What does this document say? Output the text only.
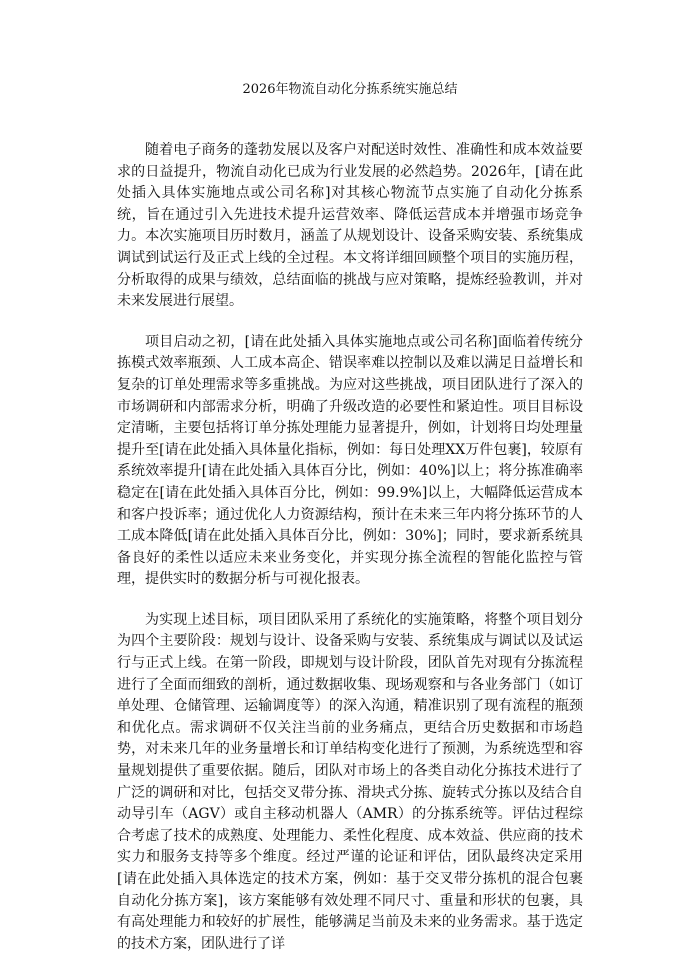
2026年物流自动化分拣系统实施总结

随着电子商务的蓬勃发展以及客户对配送时效性、准确性和成本效益要求的日益提升，物流自动化已成为行业发展的必然趋势。2026年，[请在此处插入具体实施地点或公司名称]对其核心物流节点实施了自动化分拣系统，旨在通过引入先进技术提升运营效率、降低运营成本并增强市场竞争力。本次实施项目历时数月，涵盖了从规划设计、设备采购安装、系统集成调试到试运行及正式上线的全过程。本文将详细回顾整个项目的实施历程，分析取得的成果与绩效，总结面临的挑战与应对策略，提炼经验教训，并对未来发展进行展望。

项目启动之初，[请在此处插入具体实施地点或公司名称]面临着传统分拣模式效率瓶颈、人工成本高企、错误率难以控制以及难以满足日益增长和复杂的订单处理需求等多重挑战。为应对这些挑战，项目团队进行了深入的市场调研和内部需求分析，明确了升级改造的必要性和紧迫性。项目目标设定清晰，主要包括将订单分拣处理能力显著提升，例如，计划将日均处理量提升至[请在此处插入具体量化指标，例如：每日处理XX万件包裹]，较原有系统效率提升[请在此处插入具体百分比，例如：40%]以上；将分拣准确率稳定在[请在此处插入具体百分比，例如：99.9%]以上，大幅降低运营成本和客户投诉率；通过优化人力资源结构，预计在未来三年内将分拣环节的人工成本降低[请在此处插入具体百分比，例如：30%]；同时，要求新系统具备良好的柔性以适应未来业务变化，并实现分拣全流程的智能化监控与管理，提供实时的数据分析与可视化报表。

为实现上述目标，项目团队采用了系统化的实施策略，将整个项目划分为四个主要阶段：规划与设计、设备采购与安装、系统集成与调试以及试运行与正式上线。在第一阶段，即规划与设计阶段，团队首先对现有分拣流程进行了全面而细致的剖析，通过数据收集、现场观察和与各业务部门（如订单处理、仓储管理、运输调度等）的深入沟通，精准识别了现有流程的瓶颈和优化点。需求调研不仅关注当前的业务痛点，更结合历史数据和市场趋势，对未来几年的业务量增长和订单结构变化进行了预测，为系统选型和容量规划提供了重要依据。随后，团队对市场上的各类自动化分拣技术进行了广泛的调研和对比，包括交叉带分拣、滑块式分拣、旋转式分拣以及结合自动导引车（AGV）或自主移动机器人（AMR）的分拣系统等。评估过程综合考虑了技术的成熟度、处理能力、柔性化程度、成本效益、供应商的技术实力和服务支持等多个维度。经过严谨的论证和评估，团队最终决定采用[请在此处插入具体选定的技术方案，例如：基于交叉带分拣机的混合包裹自动化分拣方案]，该方案能够有效处理不同尺寸、重量和形状的包裹，具有高处理能力和较好的扩展性，能够满足当前及未来的业务需求。基于选定的技术方案，团队进行了详
